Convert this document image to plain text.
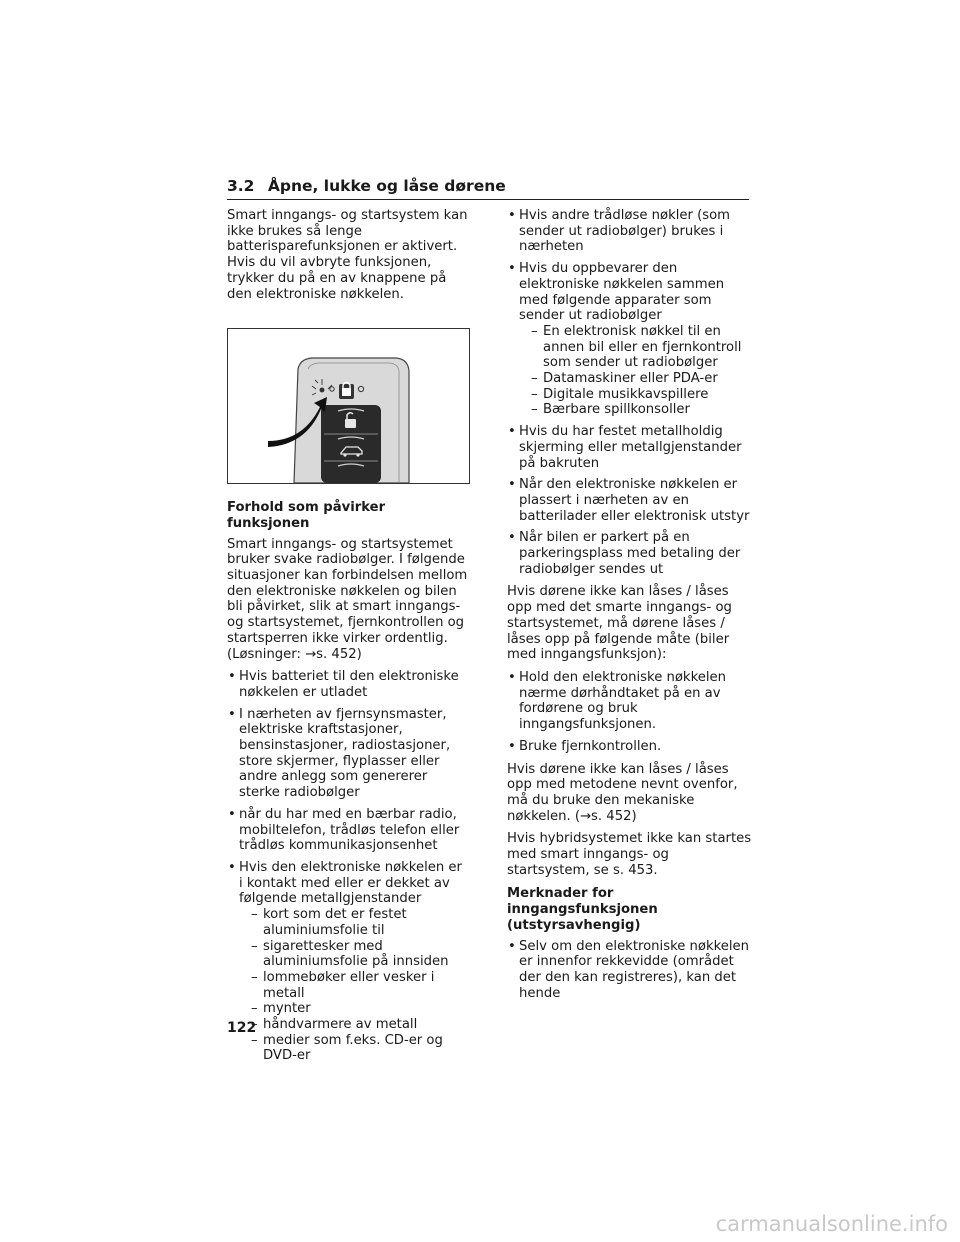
3.2 Åpne, lukke og låse dørene

Smart inngangs- og startsystem kan ikke brukes så lenge batterisparefunksjonen er aktivert. Hvis du vil avbryte funksjonen, trykker du på en av knappene på den elektroniske nøkkelen.

Forhold som påvirker funksjonen

Smart inngangs- og startsystemet bruker svake radiobølger. I følgende situasjoner kan forbindelsen mellom den elektroniske nøkkelen og bilen bli påvirket, slik at smart inngangs- og startsystemet, fjernkontrollen og startsperren ikke virker ordentlig. (Løsninger: →s. 452)

• Hvis batteriet til den elektroniske nøkkelen er utladet
• I nærheten av fjernsynsmaster, elektriske kraftstasjoner, bensinstasjoner, radiostasjoner, store skjermer, flyplasser eller andre anlegg som genererer sterke radiobølger
• når du har med en bærbar radio, mobiltelefon, trådløs telefon eller trådløs kommunikasjonsenhet
• Hvis den elektroniske nøkkelen er i kontakt med eller er dekket av følgende metallgjenstander
– kort som det er festet aluminiumsfolie til
– sigarettesker med aluminiumsfolie på innsiden
– lommebøker eller vesker i metall
– mynter
– håndvarmere av metall
– medier som f.eks. CD-er og DVD-er
• Hvis andre trådløse nøkler (som sender ut radiobølger) brukes i nærheten
• Hvis du oppbevarer den elektroniske nøkkelen sammen med følgende apparater som sender ut radiobølger
– En elektronisk nøkkel til en annen bil eller en fjernkontroll som sender ut radiobølger
– Datamaskiner eller PDA-er
– Digitale musikkavspillere
– Bærbare spillkonsoller
• Hvis du har festet metallholdig skjerming eller metallgjenstander på bakruten
• Når den elektroniske nøkkelen er plassert i nærheten av en batterilader eller elektronisk utstyr
• Når bilen er parkert på en parkeringsplass med betaling der radiobølger sendes ut

Hvis dørene ikke kan låses / låses opp med det smarte inngangs- og startsystemet, må dørene låses / låses opp på følgende måte (biler med inngangsfunksjon):

• Hold den elektroniske nøkkelen nærme dørhåndtaket på en av fordørene og bruk inngangsfunksjonen.
• Bruke fjernkontrollen.

Hvis dørene ikke kan låses / låses opp med metodene nevnt ovenfor, må du bruke den mekaniske nøkkelen. (→s. 452)

Hvis hybridsystemet ikke kan startes med smart inngangs- og startsystem, se s. 453.

Merknader for inngangsfunksjonen (utstyrsavhengig)
• Selv om den elektroniske nøkkelen er innenfor rekkevidde (området der den kan registreres), kan det hende
122
carmanualsonline.info
